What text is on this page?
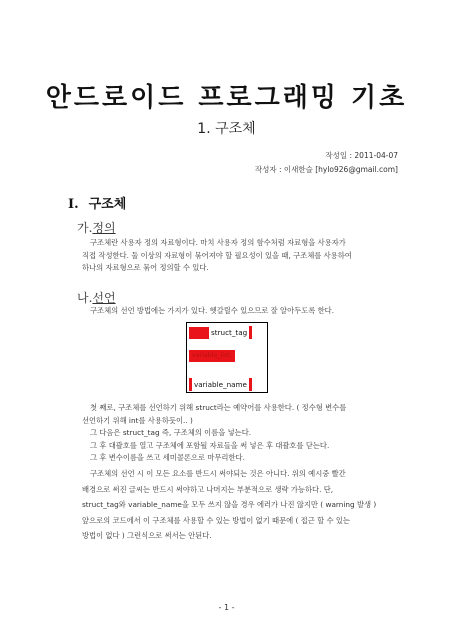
안드로이드 프로그래밍 기초
1. 구조체
작성일 : 2011-04-07
작성자 : 이새한슬 [hylo926@gmail.com]
I. 구조체
가.정의
구조체란 사용자 정의 자료형이다. 마치 사용자 정의 함수처럼 자료형을 사용자가
직접 작성한다. 둘 이상의 자료형이 묶어져야 할 필요성이 있을 때, 구조체를 사용하여
하나의 자료형으로 묶어 정의할 수 있다.
나.선언
구조체의 선언 방법에는 가지가 있다. 헷갈릴수 있으므로 잘 알아두도록 한다.
struct_tag
variable_list;
variable_name
첫 째로, 구조체를 선언하기 위해 struct라는 예약어를 사용한다. ( 정수형 변수를
선언하기 위해 int를 사용하듯이.. )
그 다음은 struct_tag 즉, 구조체의 이름을 넣는다.
그 후 대괄호를 열고 구조체에 포함될 자료들을 써 넣은 후 대괄호를 닫는다.
그 후 변수이름을 쓰고 세미콜론으로 마무리한다.
구조체의 선언 시 이 모든 요소를 반드시 써야되는 것은 아니다. 위의 예시중 빨간
배경으로 써진 글씨는 반드시 써야하고 나머지는 부분적으로 생략 가능하다. 단,
struct_tag와 variable_name을 모두 쓰지 않을 경우 에러가 나진 않지만 ( warning 발생 )
앞으로의 코드에서 이 구조체를 사용할 수 있는 방법이 없기 때문에 ( 접근 할 수 있는
방법이 없다 ) 그런식으로 써서는 안된다.
- 1 -
